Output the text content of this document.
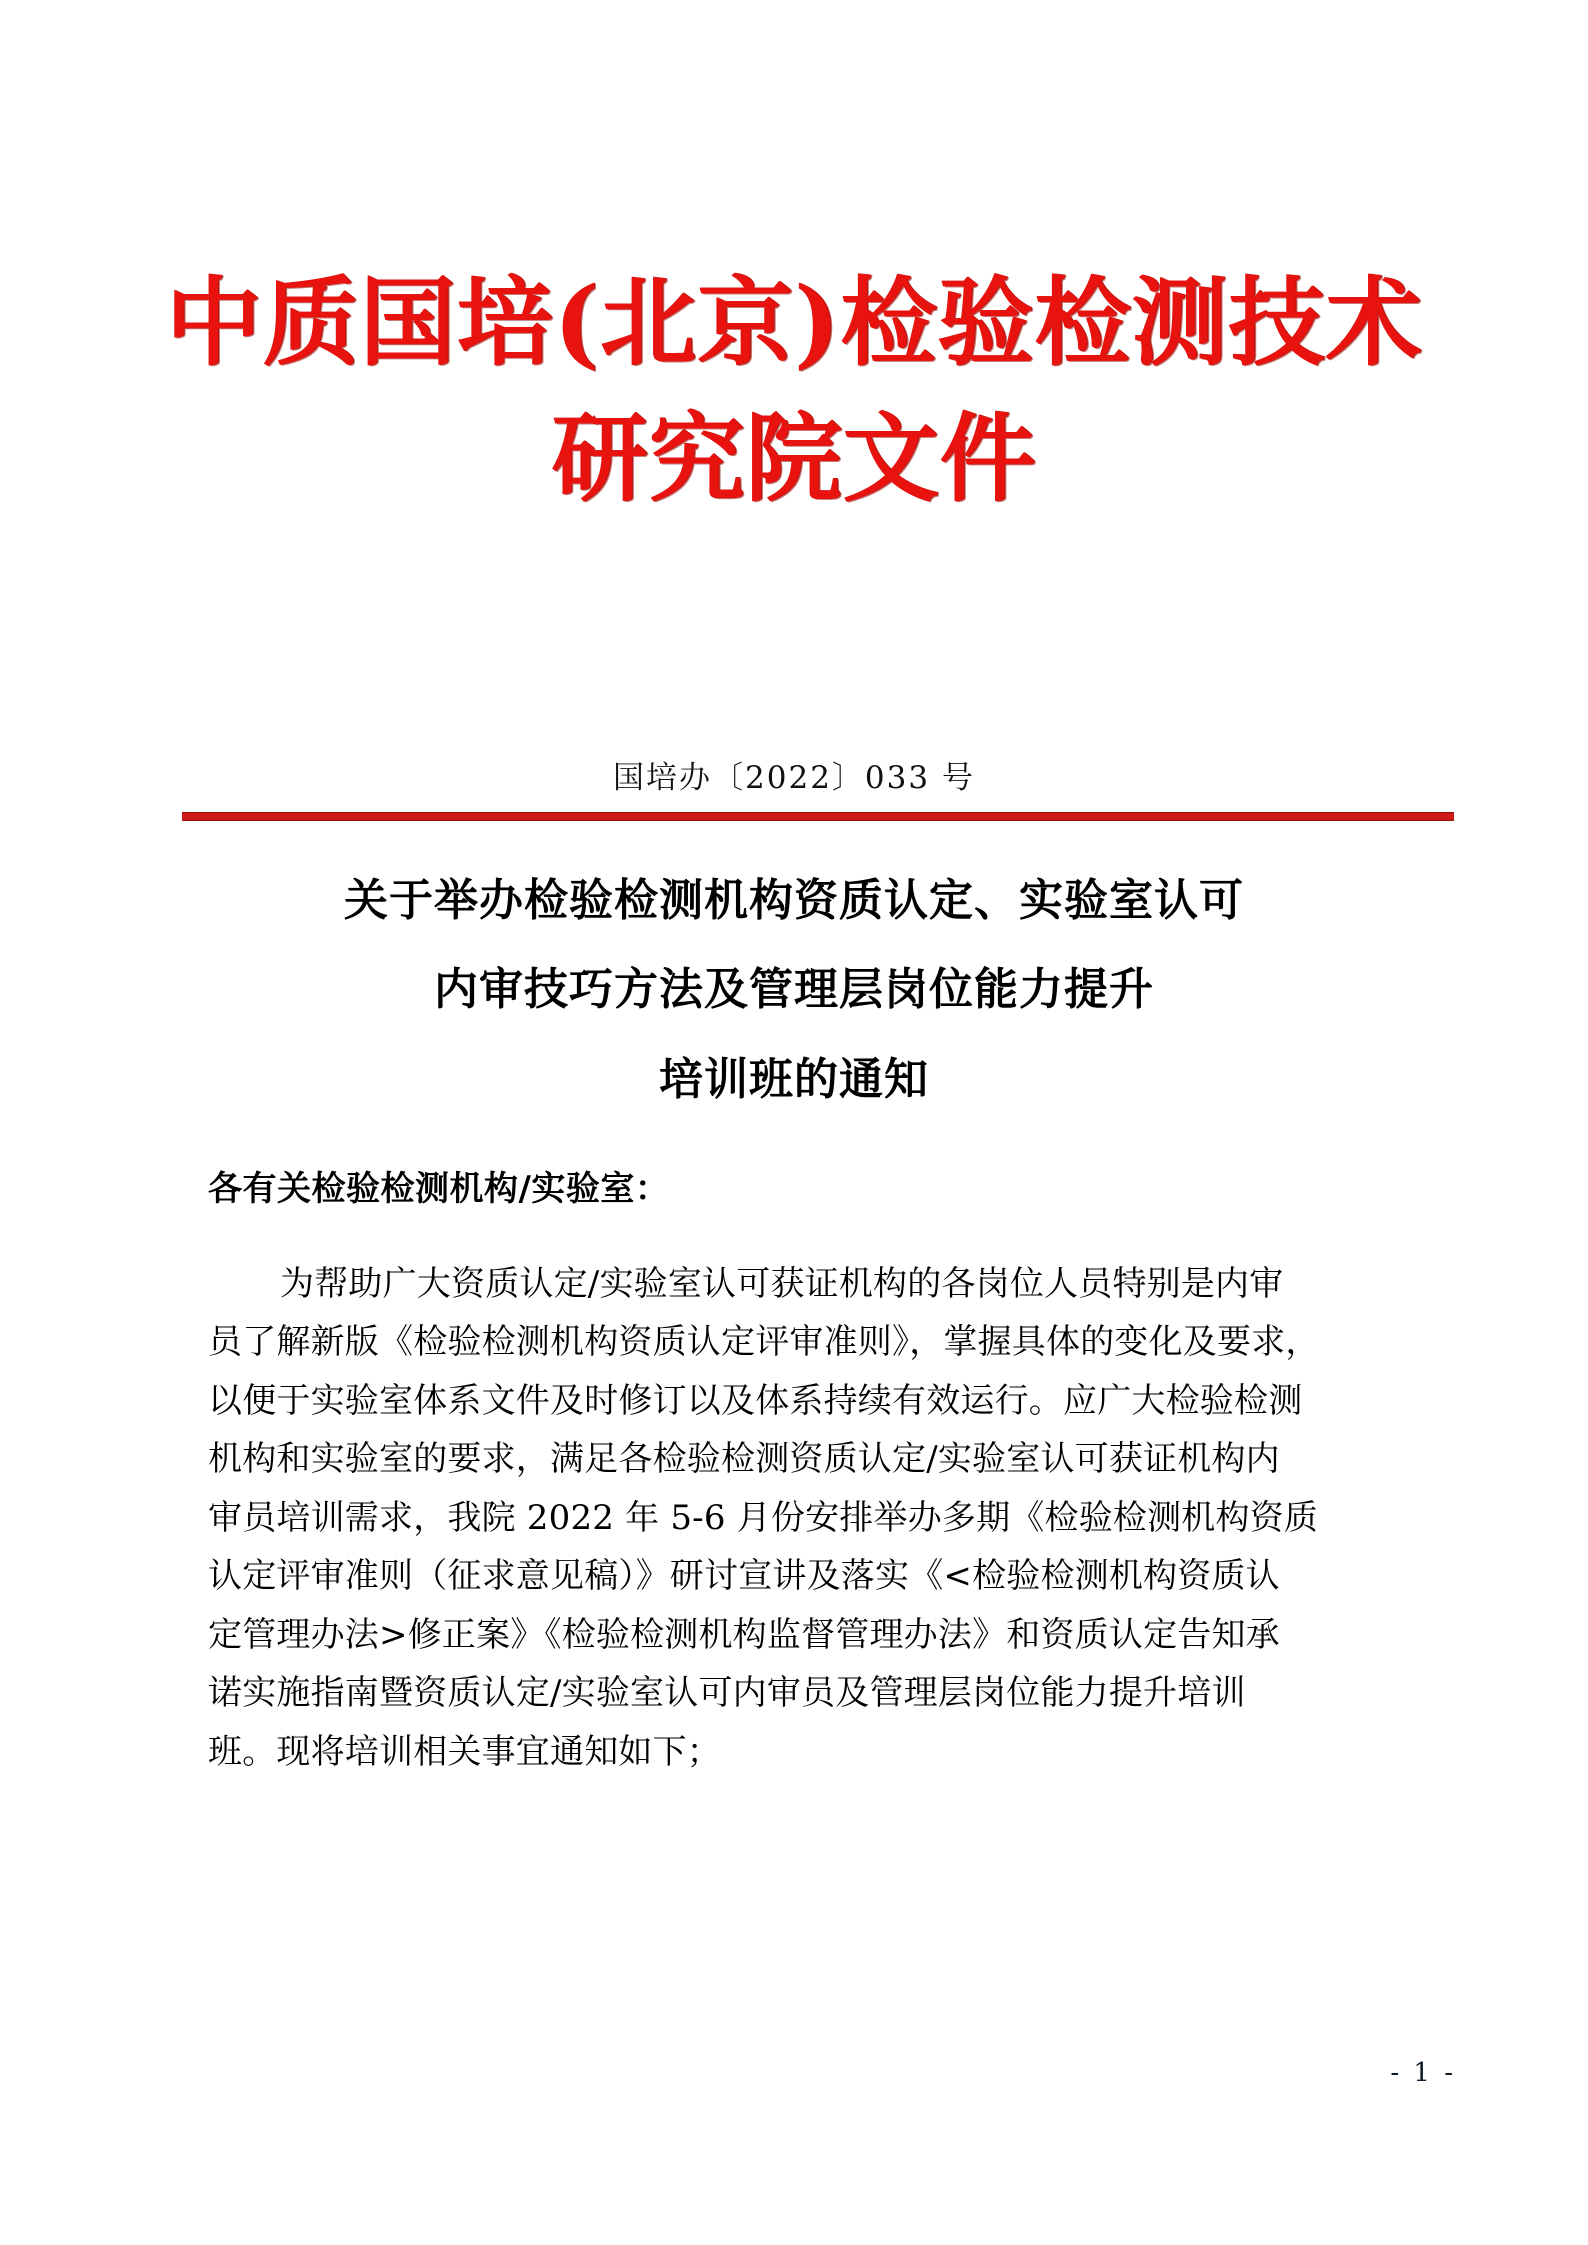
中质国培(北京)检验检测技术
研究院文件
国培办〔2022〕033 号
关于举办检验检测机构资质认定、实验室认可
内审技巧方法及管理层岗位能力提升
培训班的通知
各有关检验检测机构/实验室：
为帮助广大资质认定/实验室认可获证机构的各岗位人员特别是内审
员了解新版《检验检测机构资质认定评审准则》，掌握具体的变化及要求，
以便于实验室体系文件及时修订以及体系持续有效运行。应广大检验检测
机构和实验室的要求，满足各检验检测资质认定/实验室认可获证机构内
审员培训需求，我院 2022 年 5-6 月份安排举办多期《检验检测机构资质
认定评审准则（征求意见稿）》研讨宣讲及落实《<检验检测机构资质认
定管理办法>修正案》《检验检测机构监督管理办法》和资质认定告知承
诺实施指南暨资质认定/实验室认可内审员及管理层岗位能力提升培训
班。现将培训相关事宜通知如下；
- 1 -
